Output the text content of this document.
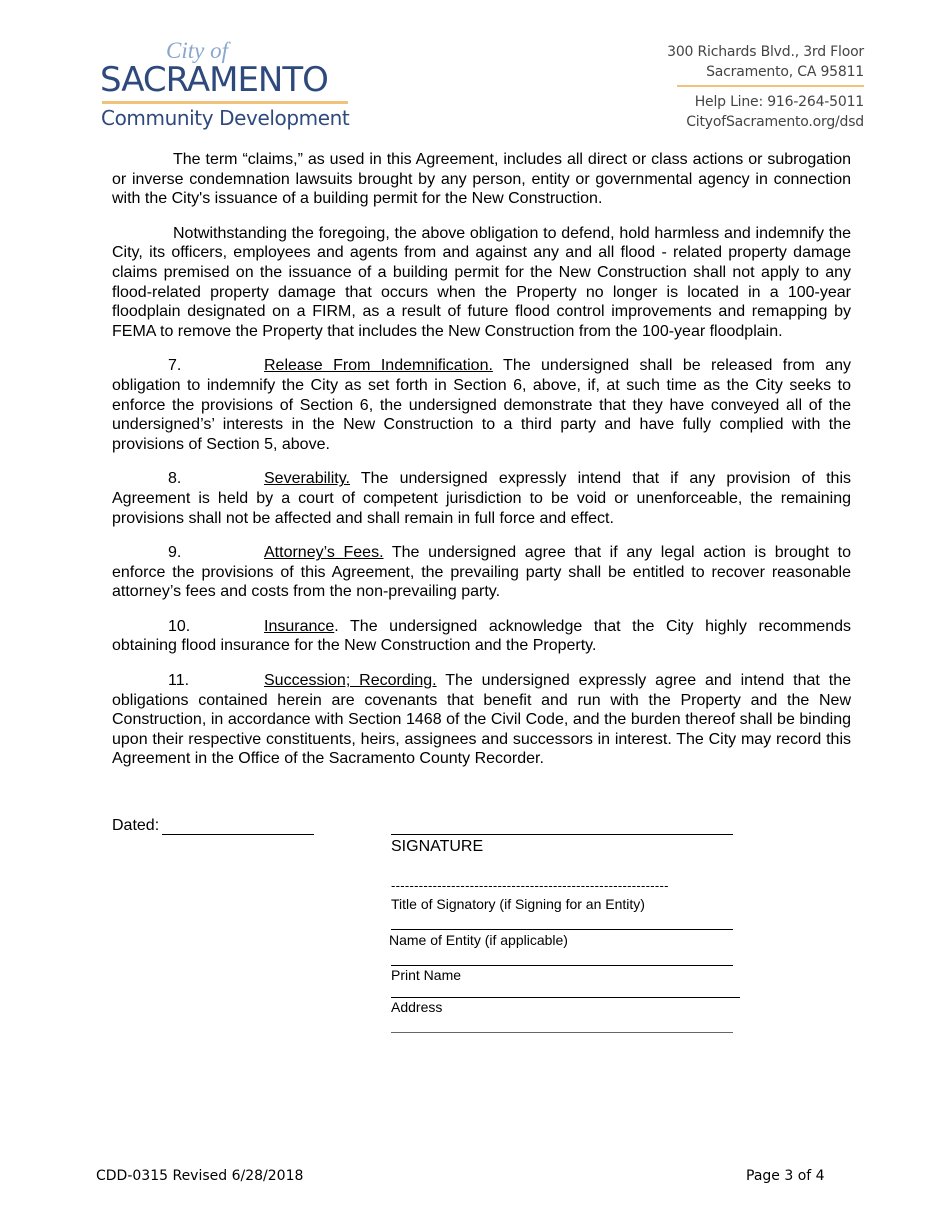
City of
SACRAMENTO
Community Development
300 Richards Blvd., 3rd Floor
Sacramento, CA 95811
Help Line: 916-264-5011
CityofSacramento.org/dsd

The term “claims,” as used in this Agreement, includes all direct or class actions or subrogation or inverse condemnation lawsuits brought by any person, entity or governmental agency in connection with the City's issuance of a building permit for the New Construction.

Notwithstanding the foregoing, the above obligation to defend, hold harmless and indemnify the City, its officers, employees and agents from and against any and all flood - related property damage claims premised on the issuance of a building permit for the New Construction shall not apply to any flood-related property damage that occurs when the Property no longer is located in a 100-year floodplain designated on a FIRM, as a result of future flood control improvements and remapping by FEMA to remove the Property that includes the New Construction from the 100-year floodplain.

7.	Release From Indemnification. The undersigned shall be released from any obligation to indemnify the City as set forth in Section 6, above, if, at such time as the City seeks to enforce the provisions of Section 6, the undersigned demonstrate that they have conveyed all of the undersigned’s’ interests in the New Construction to a third party and have fully complied with the provisions of Section 5, above.

8.	Severability. The undersigned expressly intend that if any provision of this Agreement is held by a court of competent jurisdiction to be void or unenforceable, the remaining provisions shall not be affected and shall remain in full force and effect.

9.	Attorney’s Fees. The undersigned agree that if any legal action is brought to enforce the provisions of this Agreement, the prevailing party shall be entitled to recover reasonable attorney’s fees and costs from the non-prevailing party.

10.	Insurance. The undersigned acknowledge that the City highly recommends obtaining flood insurance for the New Construction and the Property.

11.	Succession; Recording. The undersigned expressly agree and intend that the obligations contained herein are covenants that benefit and run with the Property and the New Construction, in accordance with Section 1468 of the Civil Code, and the burden thereof shall be binding upon their respective constituents, heirs, assignees and successors in interest. The City may record this Agreement in the Office of the Sacramento County Recorder.

Dated:
SIGNATURE
------------------------------------------------------------
Title of Signatory (if Signing for an Entity)
Name of Entity (if applicable)
Print Name
Address
CDD-0315 Revised 6/28/2018	Page 3 of 4
